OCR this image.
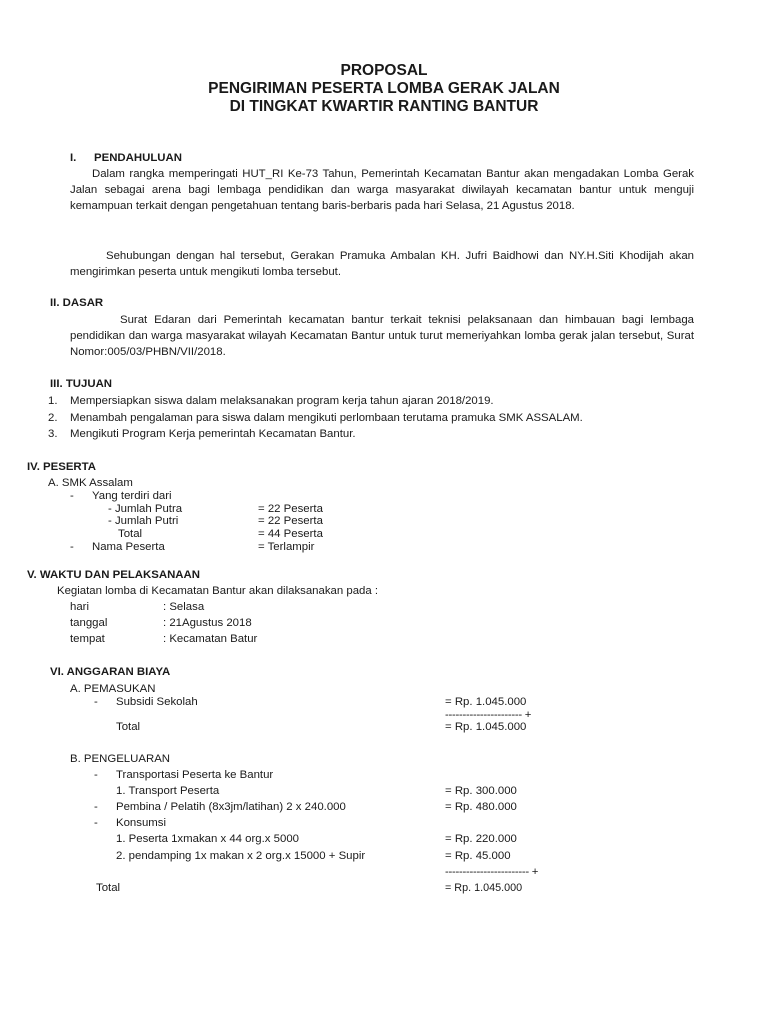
PROPOSAL
PENGIRIMAN PESERTA LOMBA GERAK JALAN
DI TINGKAT KWARTIR RANTING BANTUR
I. PENDAHULUAN

Dalam rangka memperingati HUT_RI Ke-73 Tahun, Pemerintah Kecamatan Bantur akan mengadakan Lomba Gerak Jalan sebagai arena bagi lembaga pendidikan dan warga masyarakat diwilayah kecamatan bantur untuk menguji kemampuan terkait dengan pengetahuan tentang baris-berbaris pada hari Selasa, 21 Agustus 2018.

Sehubungan dengan hal tersebut, Gerakan Pramuka Ambalan KH. Jufri Baidhowi dan NY.H.Siti Khodijah akan mengirimkan peserta untuk mengikuti lomba tersebut.

II. DASAR

Surat Edaran dari Pemerintah kecamatan bantur terkait teknisi pelaksanaan dan himbauan bagi lembaga pendidikan dan warga masyarakat wilayah Kecamatan Bantur untuk turut memeriyahkan lomba gerak jalan tersebut, Surat Nomor:005/03/PHBN/VII/2018.

III. TUJUAN
1. Mempersiapkan siswa dalam melaksanakan program kerja tahun ajaran 2018/2019.
2. Menambah pengalaman para siswa dalam mengikuti perlombaan terutama pramuka SMK ASSALAM.
3. Mengikuti Program Kerja pemerintah Kecamatan Bantur.
IV. PESERTA
A. SMK Assalam
- Yang terdiri dari
- Jumlah Putra	= 22 Peserta
- Jumlah Putri	= 22 Peserta
Total	= 44 Peserta
- Nama Peserta	= Terlampir
V. WAKTU DAN PELAKSANAAN
Kegiatan lomba di Kecamatan Bantur akan dilaksanakan pada :
hari	: Selasa
tanggal	: 21Agustus 2018
tempat	: Kecamatan Batur
VI. ANGGARAN BIAYA
A. PEMASUKAN
- Subsidi Sekolah	= Rp. 1.045.000
---------------------- +
Total	= Rp. 1.045.000
B. PENGELUARAN
- Transportasi Peserta ke Bantur
1. Transport Peserta	= Rp. 300.000
- Pembina / Pelatih (8x3jm/latihan) 2 x 240.000	= Rp. 480.000
- Konsumsi
1. Peserta 1xmakan x 44 org.x 5000	= Rp. 220.000
2. pendamping 1x makan x 2 org.x 15000 + Supir	= Rp. 45.000
------------------------ +
Total	= Rp. 1.045.000
